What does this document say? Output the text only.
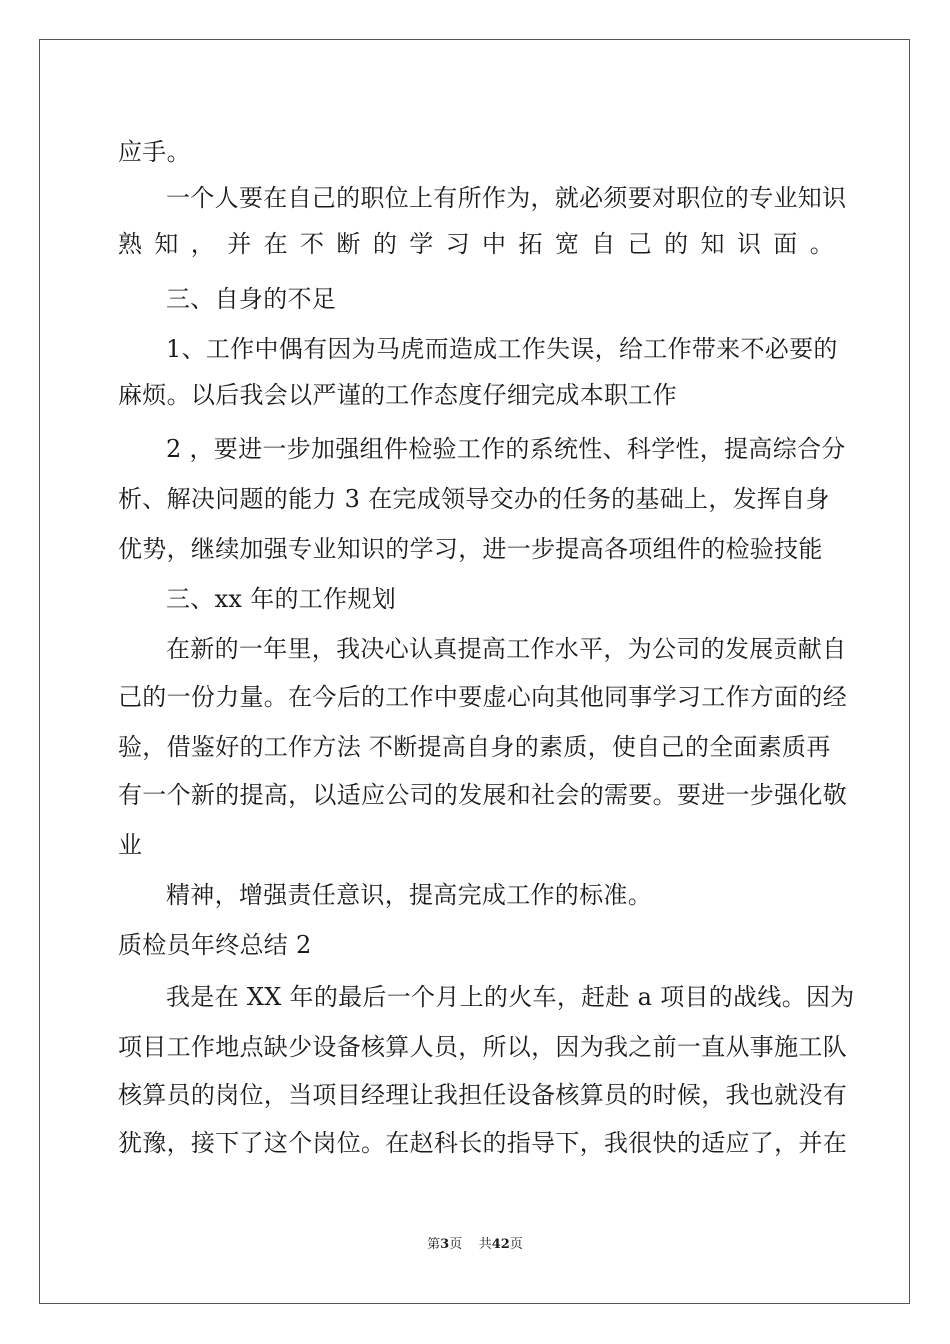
应手。
一个人要在自己的职位上有所作为，就必须要对职位的专业知识
熟知，并在不断的学习中拓宽自己的知识面。
三、自身的不足
1、工作中偶有因为马虎而造成工作失误，给工作带来不必要的
麻烦。以后我会以严谨的工作态度仔细完成本职工作
2 ，要进一步加强组件检验工作的系统性、科学性，提高综合分
析、解决问题的能力 3 在完成领导交办的任务的基础上，发挥自身
优势，继续加强专业知识的学习，进一步提高各项组件的检验技能
三、xx 年的工作规划
在新的一年里，我决心认真提高工作水平，为公司的发展贡献自
己的一份力量。在今后的工作中要虚心向其他同事学习工作方面的经
验，借鉴好的工作方法 不断提高自身的素质，使自己的全面素质再
有一个新的提高，以适应公司的发展和社会的需要。要进一步强化敬
业
精神，增强责任意识，提高完成工作的标准。
质检员年终总结 2
我是在 XX 年的最后一个月上的火车，赶赴 a 项目的战线。因为
项目工作地点缺少设备核算人员，所以，因为我之前一直从事施工队
核算员的岗位，当项目经理让我担任设备核算员的时候，我也就没有
犹豫，接下了这个岗位。在赵科长的指导下，我很快的适应了，并在
第3页 共42页
